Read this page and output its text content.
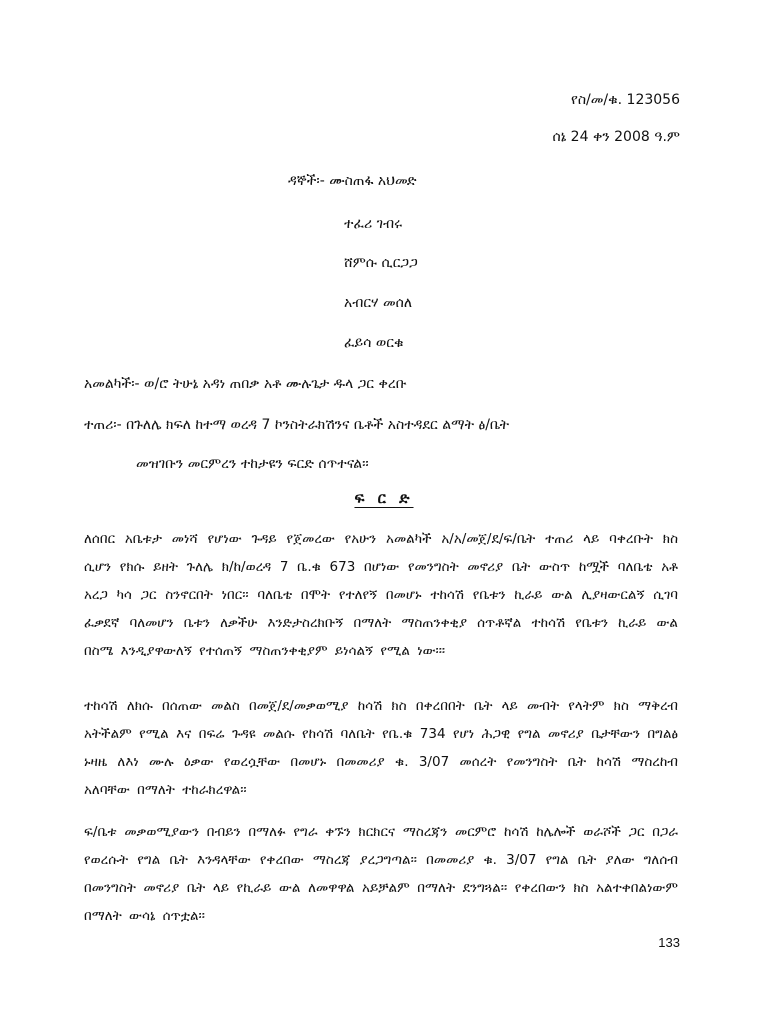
የስ/መ/ቁ. 123056
ሰኔ 24 ቀን 2008 ዓ.ም
ዳኞች፡- ሙስጠፋ አህመድ
ተፈሪ ገብሩ
ሸምሱ ሲርጋጋ
አብርሃ መሰለ
ፈይሳ ወርቁ
አመልካች፡- ወ/ሮ ትሁኔ አዳነ ጠበቃ አቶ ሙሉጌታ ዱላ ጋር ቀረቡ
ተጠሪ፡- በጉለሌ ክፍለ ከተማ ወረዳ 7 ኮንስትራክሽንና ቤቶች አስተዳደር ልማት ፅ/ቤት
መዝገቡን መርምረን ተከታዩን ፍርድ ሰጥተናል፡፡
ፍ ር ድ
ለሰበር አቤቱታ መነሻ የሆነው ጉዳይ የጀመረው የአሁን አመልካች አ/አ/መጀ/ደ/ፍ/ቤት ተጠሪ ላይ ባቀረቡት ክስ ሲሆን የክሱ ይዘት ጉለሌ ክ/ከ/ወረዳ 7 ቤ.ቁ 673 በሆነው የመንግስት መኖሪያ ቤት ውስጥ ከሟች ባለቤቴ አቶ አረጋ ካሳ ጋር ስንኖርበት ነበር፡፡ ባለቤቴ በሞት የተለየኝ በመሆኑ ተከሳሽ የቤቱን ኪራይ ውል ሊያዛውርልኝ ሲገባ ፈቃደኛ ባለመሆን ቤቱን ለቃችሁ እንድታስረክቡኝ በማለት ማስጠንቀቂያ ሰጥቶኛል ተከሳሽ የቤቱን ኪራይ ውል በስሜ እንዲያዋውለኝ የተሰጠኝ ማስጠንቀቂያም ይነሳልኝ የሚል ነው፡፡፡
ተከሳሽ ለክሱ በሰጠው መልስ በመጀ/ደ/መቃወሚያ ከሳሽ ክስ በቀረበበት ቤት ላይ መብት የላትም ክስ ማቅረብ አትችልም የሚል እና በፍሬ ጉዳዩ መልሱ የከሳሽ ባለቤት የቤ.ቁ 734 የሆነ ሕጋዊ የግል መኖሪያ ቤታቸውን በግልፅ ኑዛዜ ለእነ ሙሉ ዕቃው የወረሷቸው በመሆኑ በመመሪያ ቁ. 3/07 መሰረት የመንግስት ቤት ከሳሽ ማስረከብ አለባቸው በማለት ተከራክረዋል፡፡
ፍ/ቤቱ መቃወሚያውን በብይን በማለፉ የግራ ቀኙን ክርክርና ማስረጃን መርምሮ ከሳሽ ከሌሎች ወራሾች ጋር በጋራ የወረሱት የግል ቤት እንዳላቸው የቀረበው ማስረጃ ያረጋግጣል፡፡ በመመሪያ ቁ. 3/07 የግል ቤት ያለው ግለሰብ በመንግስት መኖሪያ ቤት ላይ የኪራይ ውል ለመዋዋል አይቻልም በማለት ደንግጓል፡፡ የቀረበውን ክስ አልተቀበልነውም በማለት ውሳኔ ሰጥቷል፡፡
133
